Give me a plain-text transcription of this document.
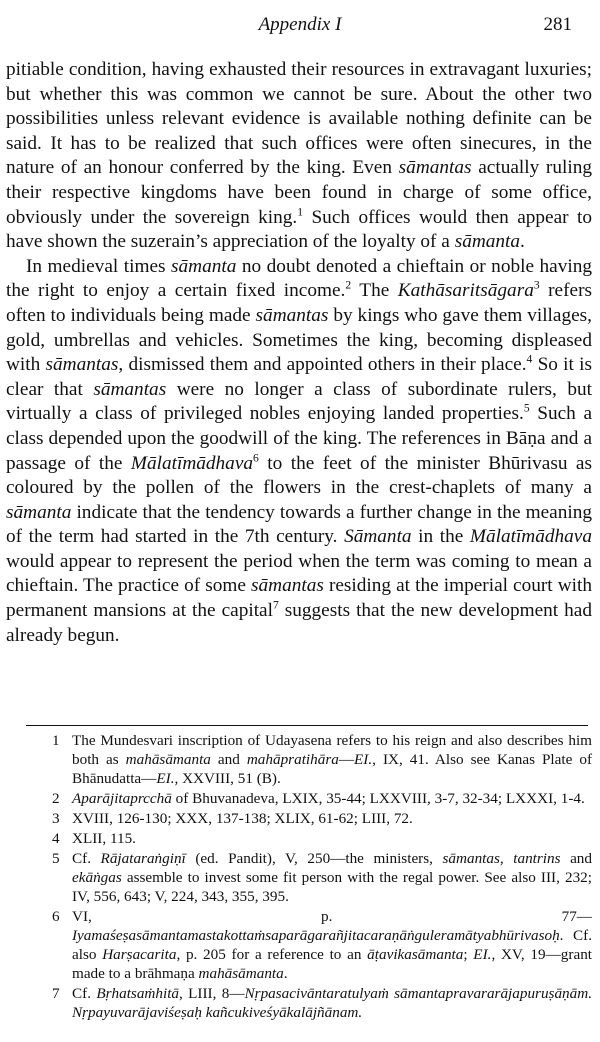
Appendix I	281

pitiable condition, having exhausted their resources in extravagant luxuries; but whether this was common we cannot be sure. About the other two possibilities unless relevant evidence is available nothing definite can be said. It has to be realized that such offices were often sinecures, in the nature of an honour conferred by the king. Even sāmantas actually ruling their respective kingdoms have been found in charge of some office, obviously under the sovereign king.$^1$ Such offices would then appear to have shown the suzerain’s appreciation of the loyalty of a sāmanta.

In medieval times sāmanta no doubt denoted a chieftain or noble having the right to enjoy a certain fixed income.$^2$ The Kathāsaritsāgara$^3$ refers often to individuals being made sāmantas by kings who gave them villages, gold, umbrellas and vehicles. Sometimes the king, becoming displeased with sāmantas, dismissed them and appointed others in their place.$^4$ So it is clear that sāmantas were no longer a class of subordinate rulers, but virtually a class of privileged nobles enjoying landed properties.$^5$ Such a class depended upon the goodwill of the king. The references in Bāṇa and a passage of the Mālatīmādhava$^6$ to the feet of the minister Bhūrivasu as coloured by the pollen of the flowers in the crest-chaplets of many a sāmanta indicate that the tendency towards a further change in the meaning of the term had started in the 7th century. Sāmanta in the Mālatīmādhava would appear to represent the period when the term was coming to mean a chieftain. The practice of some sāmantas residing at the imperial court with permanent mansions at the capital$^7$ suggests that the new development had already begun.

1 The Mundesvari inscription of Udayasena refers to his reign and also describes him both as mahāsāmanta and mahāpratihāra—EI., IX, 41. Also see Kanas Plate of Bhānudatta—EI., XXVIII, 51 (B).
2 Aparājitaprcchā of Bhuvanadeva, LXIX, 35-44; LXXVIII, 3-7, 32-34; LXXXI, 1-4.
3 XVIII, 126-130; XXX, 137-138; XLIX, 61-62; LIII, 72.
4 XLII, 115.
5 Cf. Rājataraṅgiṇī (ed. Pandit), V, 250—the ministers, sāmantas, tantrins and ekāṅgas assemble to invest some fit person with the regal power. See also III, 232; IV, 556, 643; V, 224, 343, 355, 395.
6 VI, p. 77—Iyamaśeṣasāmantamastakottaṁsaparāgarañjitacaraṇāṅguleramātyabhūrivasoḥ. Cf. also Harṣacarita, p. 205 for a reference to an āṭavikasāmanta; EI., XV, 19—grant made to a brāhmaṇa mahāsāmanta.
7 Cf. Bṛhatsaṁhitā, LIII, 8—Nṛpasacivāntaratulyaṁ sāmantapravararājapuruṣāṇām. Nṛpayuvarājaviśeṣaḥ kañcukiveśyākalājñānam.
